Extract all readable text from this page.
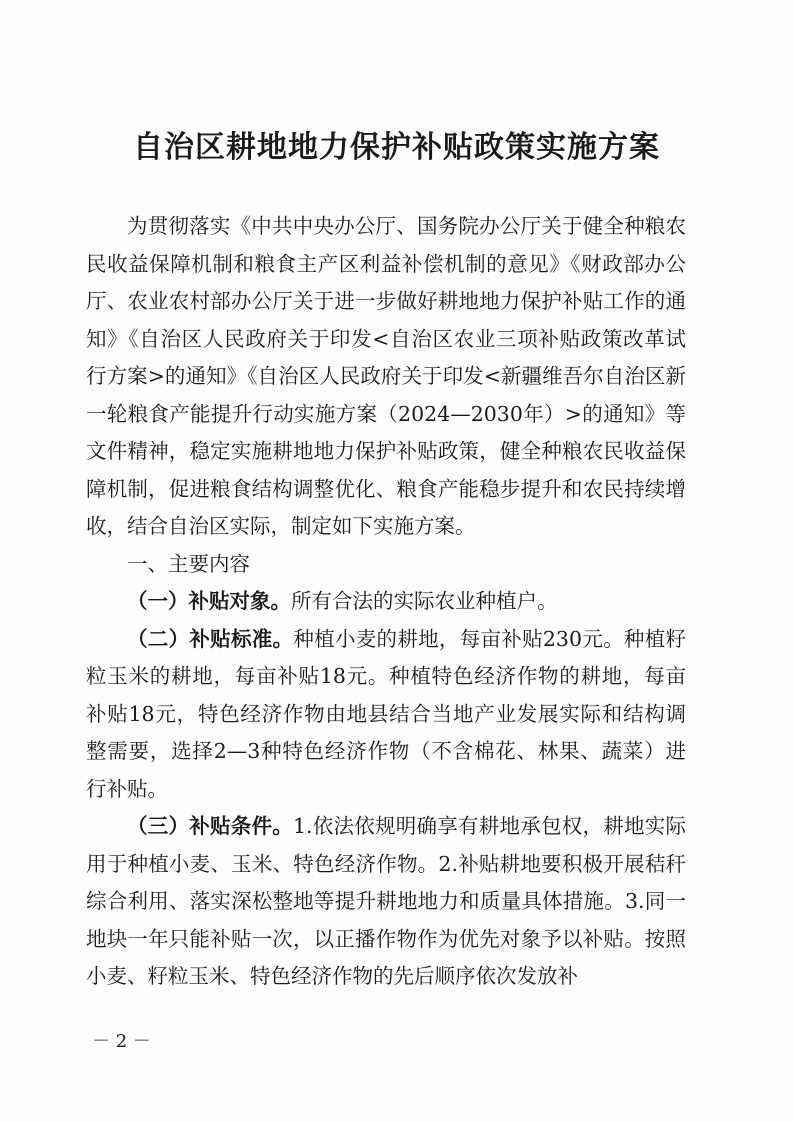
自治区耕地地力保护补贴政策实施方案

为贯彻落实《中共中央办公厅、国务院办公厅关于健全种粮农民收益保障机制和粮食主产区利益补偿机制的意见》《财政部办公厅、农业农村部办公厅关于进一步做好耕地地力保护补贴工作的通知》《自治区人民政府关于印发<自治区农业三项补贴政策改革试行方案>的通知》《自治区人民政府关于印发<新疆维吾尔自治区新一轮粮食产能提升行动实施方案（2024—2030年）>的通知》等文件精神，稳定实施耕地地力保护补贴政策，健全种粮农民收益保障机制，促进粮食结构调整优化、粮食产能稳步提升和农民持续增收，结合自治区实际，制定如下实施方案。

一、主要内容

（一）补贴对象。所有合法的实际农业种植户。

（二）补贴标准。种植小麦的耕地，每亩补贴230元。种植籽粒玉米的耕地，每亩补贴18元。种植特色经济作物的耕地，每亩补贴18元，特色经济作物由地县结合当地产业发展实际和结构调整需要，选择2—3种特色经济作物（不含棉花、林果、蔬菜）进行补贴。

（三）补贴条件。1.依法依规明确享有耕地承包权，耕地实际用于种植小麦、玉米、特色经济作物。2.补贴耕地要积极开展秸秆综合利用、落实深松整地等提升耕地地力和质量具体措施。3.同一地块一年只能补贴一次，以正播作物作为优先对象予以补贴。按照小麦、籽粒玉米、特色经济作物的先后顺序依次发放补

－ 2 －
